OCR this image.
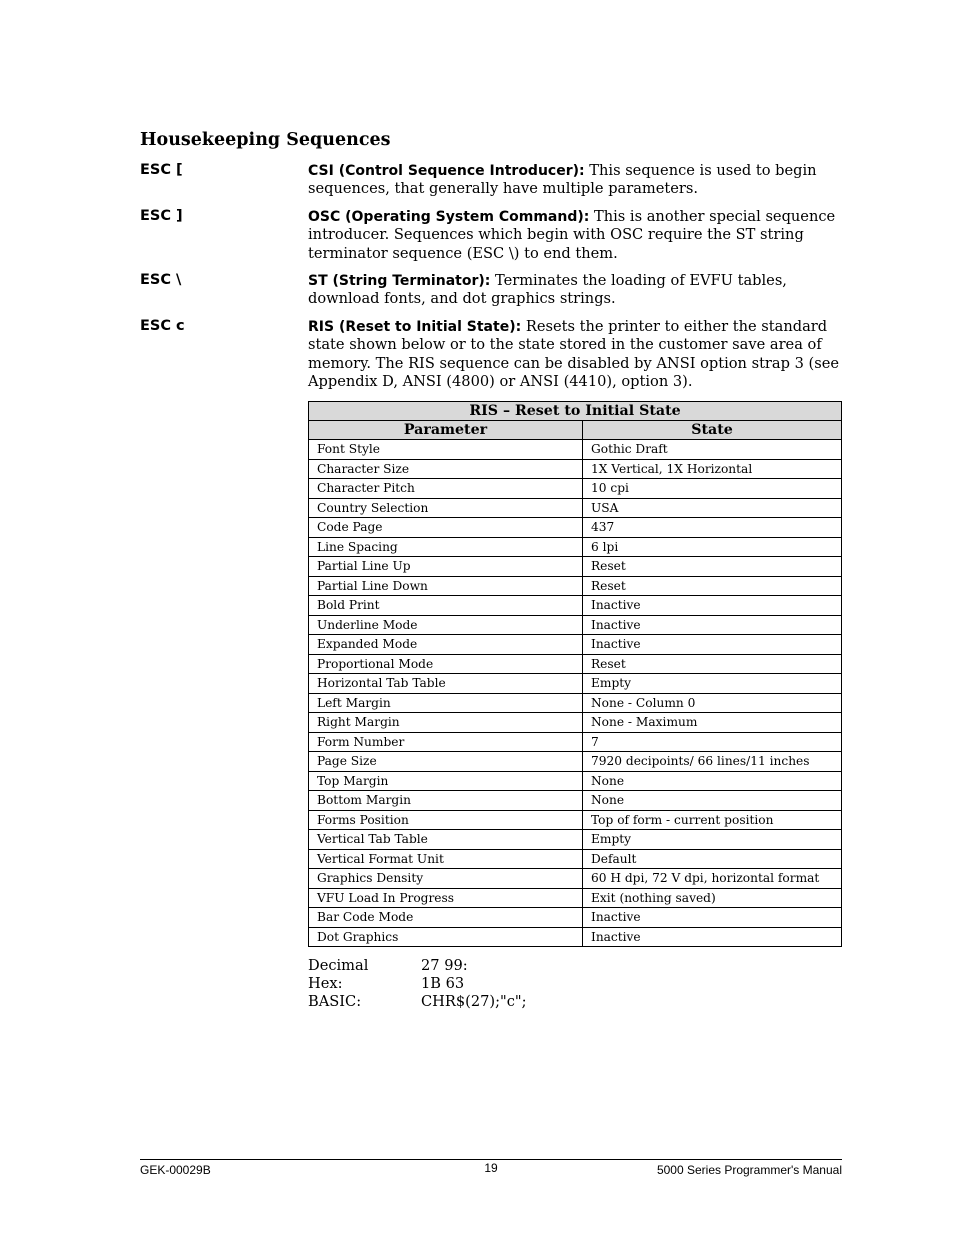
Housekeeping Sequences
ESC [	CSI (Control Sequence Introducer): This sequence is used to begin sequences, that generally have multiple parameters.
ESC ]	OSC (Operating System Command): This is another special sequence introducer. Sequences which begin with OSC require the ST string terminator sequence (ESC \) to end them.
ESC \	ST (String Terminator): Terminates the loading of EVFU tables, download fonts, and dot graphics strings.
ESC c	RIS (Reset to Initial State): Resets the printer to either the standard state shown below or to the state stored in the customer save area of memory. The RIS sequence can be disabled by ANSI option strap 3 (see Appendix D, ANSI (4800) or ANSI (4410), option 3).
RIS – Reset to Initial State	
Parameter	State
Font Style	Gothic Draft
Character Size	1X Vertical, 1X Horizontal
Character Pitch	10 cpi
Country Selection	USA
Code Page	437
Line Spacing	6 lpi
Partial Line Up	Reset
Partial Line Down	Reset
Bold Print	Inactive
Underline Mode	Inactive
Expanded Mode	Inactive
Proportional Mode	Reset
Horizontal Tab Table	Empty
Left Margin	None - Column 0
Right Margin	None - Maximum
Form Number	7
Page Size	7920 decipoints/ 66 lines/11 inches
Top Margin	None
Bottom Margin	None
Forms Position	Top of form - current position
Vertical Tab Table	Empty
Vertical Format Unit	Default
Graphics Density	60 H dpi, 72 V dpi, horizontal format
VFU Load In Progress	Exit (nothing saved)
Bar Code Mode	Inactive
Dot Graphics	Inactive
Decimal	27 99:
Hex:	1B 63
BASIC:	CHR$(27);"c";
GEK-00029B	19	5000 Series Programmer's Manual
